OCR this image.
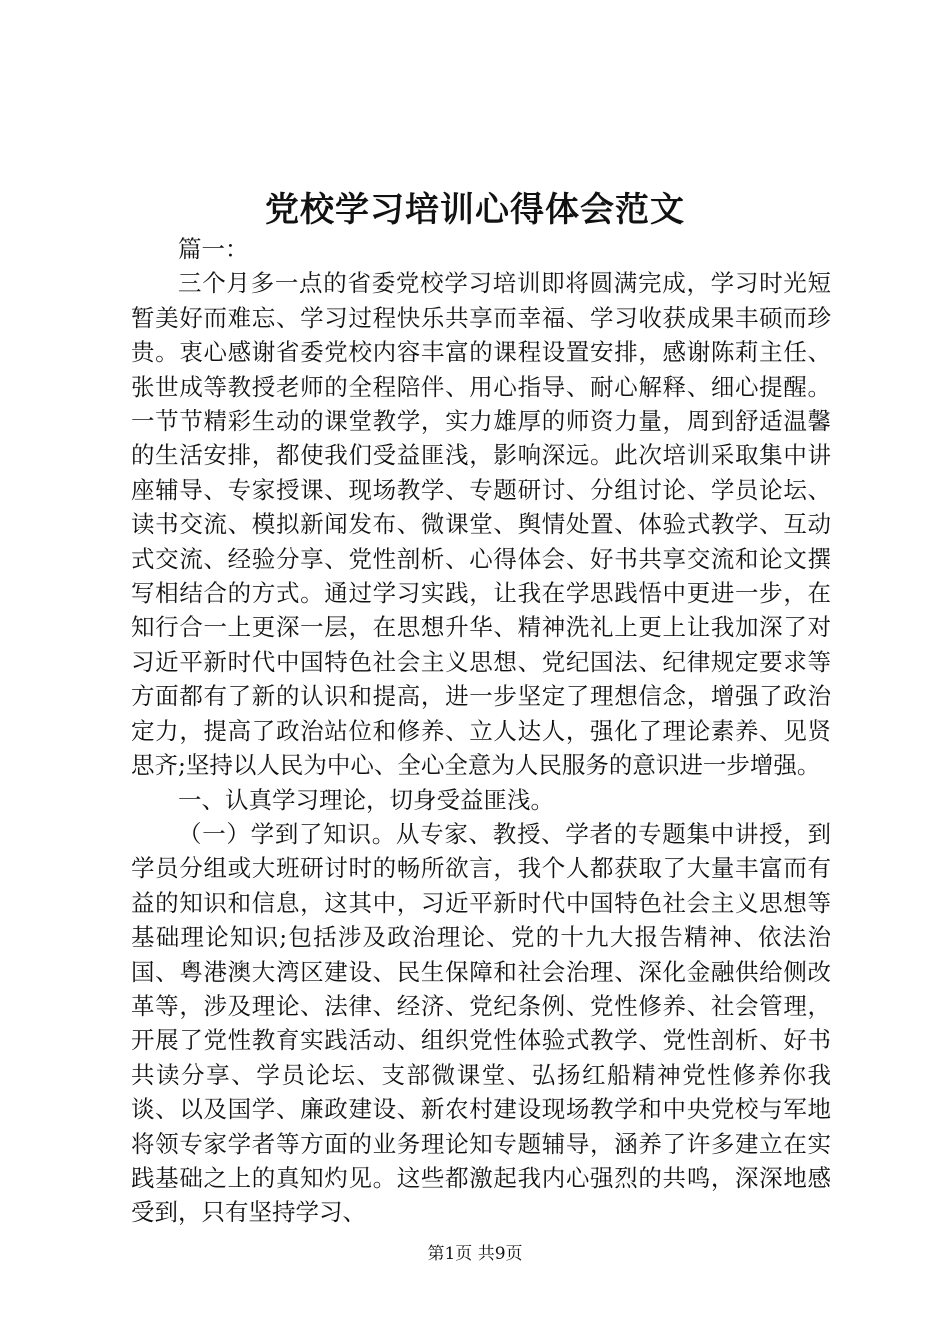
党校学习培训心得体会范文

篇一：

三个月多一点的省委党校学习培训即将圆满完成，学习时光短暂美好而难忘、学习过程快乐共享而幸福、学习收获成果丰硕而珍贵。衷心感谢省委党校内容丰富的课程设置安排，感谢陈莉主任、张世成等教授老师的全程陪伴、用心指导、耐心解释、细心提醒。一节节精彩生动的课堂教学，实力雄厚的师资力量，周到舒适温馨的生活安排，都使我们受益匪浅，影响深远。此次培训采取集中讲座辅导、专家授课、现场教学、专题研讨、分组讨论、学员论坛、读书交流、模拟新闻发布、微课堂、舆情处置、体验式教学、互动式交流、经验分享、党性剖析、心得体会、好书共享交流和论文撰写相结合的方式。通过学习实践，让我在学思践悟中更进一步，在知行合一上更深一层，在思想升华、精神洗礼上更上让我加深了对习近平新时代中国特色社会主义思想、党纪国法、纪律规定要求等方面都有了新的认识和提高，进一步坚定了理想信念，增强了政治定力，提高了政治站位和修养、立人达人，强化了理论素养、见贤思齐;坚持以人民为中心、全心全意为人民服务的意识进一步增强。

一、认真学习理论，切身受益匪浅。

（一）学到了知识。从专家、教授、学者的专题集中讲授，到学员分组或大班研讨时的畅所欲言，我个人都获取了大量丰富而有益的知识和信息，这其中，习近平新时代中国特色社会主义思想等基础理论知识;包括涉及政治理论、党的十九大报告精神、依法治国、粤港澳大湾区建设、民生保障和社会治理、深化金融供给侧改革等，涉及理论、法律、经济、党纪条例、党性修养、社会管理，开展了党性教育实践活动、组织党性体验式教学、党性剖析、好书共读分享、学员论坛、支部微课堂、弘扬红船精神党性修养你我谈、以及国学、廉政建设、新农村建设现场教学和中央党校与军地将领专家学者等方面的业务理论知专题辅导，涵养了许多建立在实践基础之上的真知灼见。这些都激起我内心强烈的共鸣，深深地感受到，只有坚持学习、

第1页 共9页
